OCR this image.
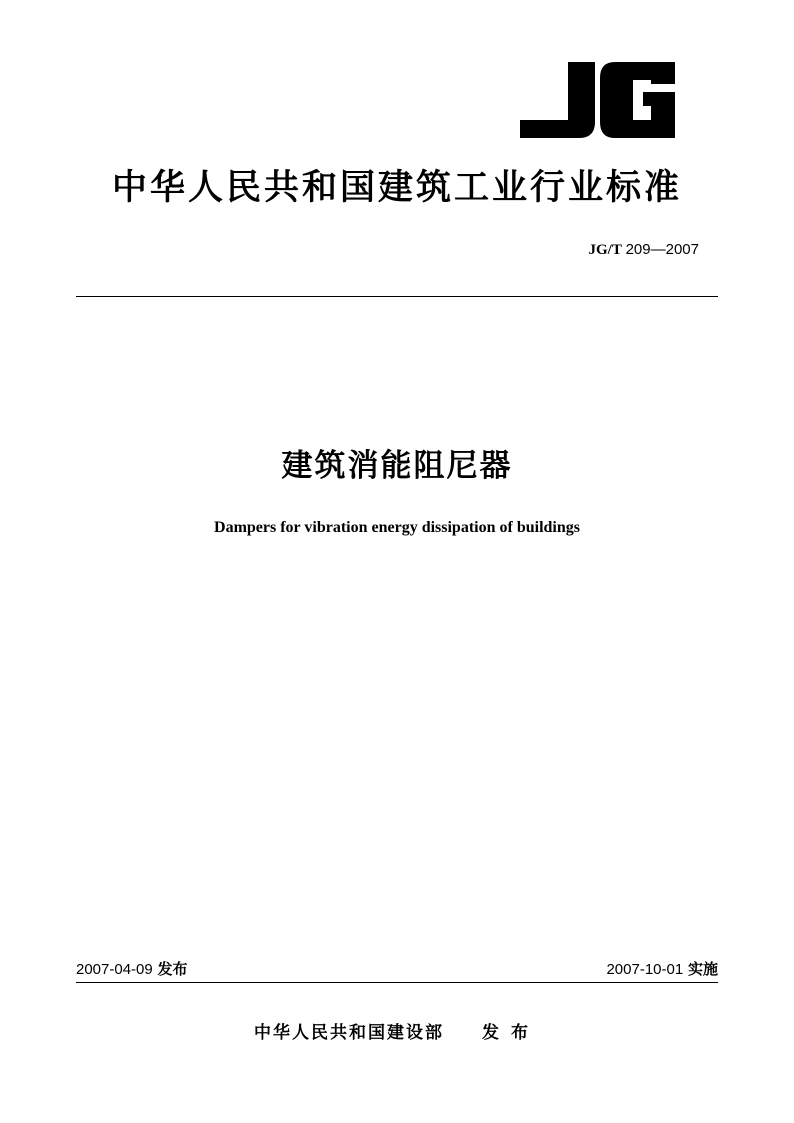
中华人民共和国建筑工业行业标准
JG/T 209—2007
建筑消能阻尼器
Dampers for vibration energy dissipation of buildings
2007-04-09 发布	2007-10-01 实施
中华人民共和国建设部 发布
